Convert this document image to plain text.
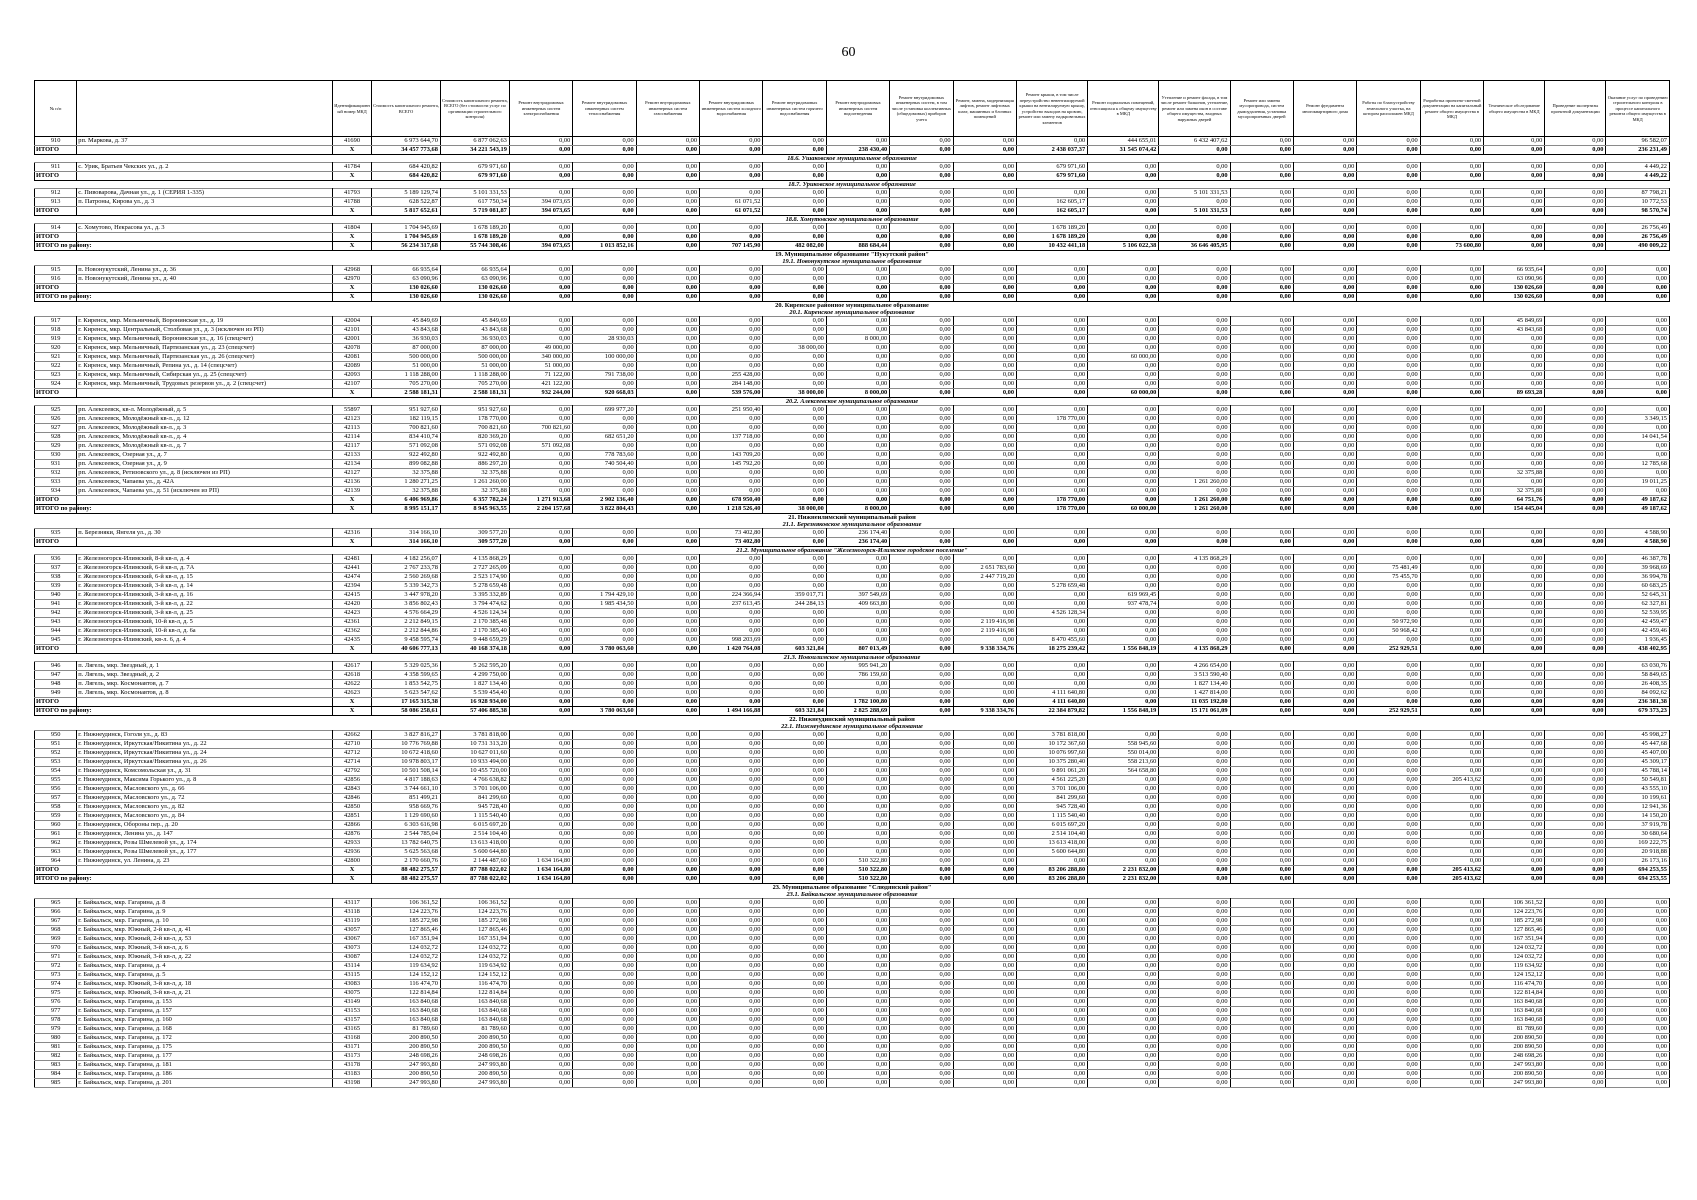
60
№ п/п		Идентификационный номер МКД	Стоимость капитального ремонта, ВСЕГО	Стоимость капитального ремонта, ВСЕГО (без стоимости услуг по организации строительного контроля)	Ремонт внутридомовых инженерных систем электроснабжения	Ремонт внутридомовых инженерных систем теплоснабжения	Ремонт внутридомовых инженерных систем газоснабжения	Ремонт внутридомовых инженерных систем холодного водоснабжения	Ремонт внутридомовых инженерных систем горячего водоснабжения	Ремонт внутридомовых инженерных систем водоотведения	Ремонт внутридомовых инженерных систем, в том числе установка коллективных (общедомовых) приборов учета	Ремонт, замена, модернизация лифтов, ремонт лифтовых шахт, машинных и блочных помещений	Ремонт крыши, в том числе переустройство невентилируемой крыши на вентилируемую крышу, устройство выходов на кровлю, ремонт или замену надкровельных элементов	Ремонт подвальных помещений, относящихся к общему имуществу в МКД	Утепление и ремонт фасада, в том числе ремонт балконов, утепление, ремонт или замена окон в составе общего имущества, входных наружных дверей	Ремонт или замена мусоропровода, систем дымоудаления, установка мусороприемных дверей	Ремонт фундамента многоквартирного дома	Работы по благоустройству земельного участка, на котором расположен МКД	Разработка проектно-сметной документации на капитальный ремонт общего имущества в МКД	Техническое обследование общего имущества в МКД	Проведение экспертизы проектной документации	Оказание услуг по проведению строительного контроля в процессе капитального ремонта общего имущества в МКД
910	рп. Маркова, д. 37	41690	6 973 644,70	6 877 062,63	0,00	0,00	0,00	0,00	0,00	0,00	0,00	0,00	0,00	444 655,01	6 432 407,62	0,00	0,00	0,00	0,00	0,00	0,00	96 582,07
ИТОГО		X	34 457 773,68	34 221 543,19	0,00	0,00	0,00	0,00	0,00	238 430,40	0,00	0,00	2 438 037,37	31 545 074,42	0,00	0,00	0,00	0,00	0,00	0,00	0,00	236 231,49
18.6. Ушаковское муниципальное образование																						
911	с. Урик, Братьев Чекских ул., д. 2	41784	684 420,82	679 971,60	0,00	0,00	0,00	0,00	0,00	0,00	0,00	0,00	679 971,60	0,00	0,00	0,00	0,00	0,00	0,00	0,00	0,00	4 449,22
ИТОГО		X	684 420,82	679 971,60	0,00	0,00	0,00	0,00	0,00	0,00	0,00	0,00	679 971,60	0,00	0,00	0,00	0,00	0,00	0,00	0,00	0,00	4 449,22
18.7. Уриковское муниципальное образование																						
912	с. Пивоварова, Дачная ул., д. 1 (СЕРИЯ 1-335)	41793	5 189 129,74	5 101 331,53	0,00	0,00	0,00	0,00	0,00	0,00	0,00	0,00	0,00	0,00	5 101 331,53	0,00	0,00	0,00	0,00	0,00	0,00	87 798,21
913	п. Патроны, Кирова ул., д. 3	41788	628 522,87	617 750,34	394 073,65	0,00	0,00	61 071,52	0,00	0,00	0,00	0,00	162 605,17	0,00	0,00	0,00	0,00	0,00	0,00	0,00	0,00	10 772,53
ИТОГО		X	5 817 652,61	5 719 081,87	394 073,65	0,00	0,00	61 071,52	0,00	0,00	0,00	0,00	162 605,17	0,00	5 101 331,53	0,00	0,00	0,00	0,00	0,00	0,00	98 570,74
18.8. Хомутовское муниципальное образование																						
914	с. Хомутово, Некрасова ул., д. 3	41804	1 704 945,69	1 678 189,20	0,00	0,00	0,00	0,00	0,00	0,00	0,00	0,00	1 678 189,20	0,00	0,00	0,00	0,00	0,00	0,00	0,00	0,00	26 756,49
ИТОГО		X	1 704 945,69	1 678 189,20	0,00	0,00	0,00	0,00	0,00	0,00	0,00	0,00	1 678 189,20	0,00	0,00	0,00	0,00	0,00	0,00	0,00	0,00	26 756,49
ИТОГО по району:		X	56 234 317,68	55 744 308,46	394 073,65	1 013 852,16	0,00	707 145,90	482 082,00	888 684,44	0,00	0,00	10 432 441,18	5 106 022,38	36 646 405,95	0,00	0,00	0,00	73 600,80	0,00	0,00	490 009,22
19. Муниципальное образование "Нукутский район"																						
19.1. Новонукутское муниципальное образование																						
915	п. Новонукутский, Ленина ул., д. 36	42968	66 935,64	66 935,64	0,00	0,00	0,00	0,00	0,00	0,00	0,00	0,00	0,00	0,00	0,00	0,00	0,00	0,00	0,00	66 935,64	0,00	0,00
916	п. Новонукутский, Ленина ул., д. 40	42970	63 090,96	63 090,96	0,00	0,00	0,00	0,00	0,00	0,00	0,00	0,00	0,00	0,00	0,00	0,00	0,00	0,00	0,00	63 090,96	0,00	0,00
ИТОГО		X	130 026,60	130 026,60	0,00	0,00	0,00	0,00	0,00	0,00	0,00	0,00	0,00	0,00	0,00	0,00	0,00	0,00	0,00	130 026,60	0,00	0,00
ИТОГО по району:		X	130 026,60	130 026,60	0,00	0,00	0,00	0,00	0,00	0,00	0,00	0,00	0,00	0,00	0,00	0,00	0,00	0,00	0,00	130 026,60	0,00	0,00
20. Киренское районное муниципальное образование																						
20.1. Киренское муниципальное образование																						
917	г. Киренск, мкр. Мельничный, Воронинская ул., д. 19	42004	45 849,69	45 849,69	0,00	0,00	0,00	0,00	0,00	0,00	0,00	0,00	0,00	0,00	0,00	0,00	0,00	0,00	0,00	45 849,69	0,00	0,00
918	г. Киренск, мкр. Центральный, Столбовая ул., д. 3 (исключен из РП)	42101	43 843,68	43 843,68	0,00	0,00	0,00	0,00	0,00	0,00	0,00	0,00	0,00	0,00	0,00	0,00	0,00	0,00	0,00	43 843,68	0,00	0,00
919	г. Киренск, мкр. Мельничный, Воронинская ул., д. 16 (спецсчет)	42001	36 930,03	36 930,03	0,00	28 930,03	0,00	0,00	0,00	8 000,00	0,00	0,00	0,00	0,00	0,00	0,00	0,00	0,00	0,00	0,00	0,00	0,00
920	г. Киренск, мкр. Мельничный, Партизанская ул., д. 23 (спецсчет)	42078	87 000,00	87 000,00	49 000,00	0,00	0,00	0,00	38 000,00	0,00	0,00	0,00	0,00	0,00	0,00	0,00	0,00	0,00	0,00	0,00	0,00	0,00
921	г. Киренск, мкр. Мельничный, Партизанская ул., д. 26 (спецсчет)	42081	500 000,00	500 000,00	340 000,00	100 000,00	0,00	0,00	0,00	0,00	0,00	0,00	0,00	60 000,00	0,00	0,00	0,00	0,00	0,00	0,00	0,00	0,00
922	г. Киренск, мкр. Мельничный, Репина ул., д. 14 (спецсчет)	42089	51 000,00	51 000,00	51 000,00	0,00	0,00	0,00	0,00	0,00	0,00	0,00	0,00	0,00	0,00	0,00	0,00	0,00	0,00	0,00	0,00	0,00
923	г. Киренск, мкр. Мельничный, Сибирская ул., д. 25 (спецсчет)	42093	1 118 288,00	1 118 288,00	71 122,00	791 738,00	0,00	255 428,00	0,00	0,00	0,00	0,00	0,00	0,00	0,00	0,00	0,00	0,00	0,00	0,00	0,00	0,00
924	г. Киренск, мкр. Мельничный, Трудовых резервов ул., д. 2 (спецсчет)	42107	705 270,00	705 270,00	421 122,00	0,00	0,00	284 148,00	0,00	0,00	0,00	0,00	0,00	0,00	0,00	0,00	0,00	0,00	0,00	0,00	0,00	0,00
ИТОГО		X	2 588 181,31	2 588 181,31	932 244,00	920 668,03	0,00	539 576,00	38 000,00	8 000,00	0,00	0,00	0,00	60 000,00	0,00	0,00	0,00	0,00	0,00	89 693,28	0,00	0,00
20.2. Алексеевское муниципальное образование																						
925	рп. Алексеевск, кв-л. Молодёжный, д. 5	55897	951 927,60	951 927,60	0,00	699 977,20	0,00	251 950,40	0,00	0,00	0,00	0,00	0,00	0,00	0,00	0,00	0,00	0,00	0,00	0,00	0,00	0,00
926	рп. Алексеевск, Молодёжный кв-л., д. 12	42123	182 119,15	178 770,00	0,00	0,00	0,00	0,00	0,00	0,00	0,00	0,00	178 770,00	0,00	0,00	0,00	0,00	0,00	0,00	0,00	0,00	3 349,15
927	рп. Алексеевск, Молодёжный кв-л., д. 3	42113	700 821,60	700 821,60	700 821,60	0,00	0,00	0,00	0,00	0,00	0,00	0,00	0,00	0,00	0,00	0,00	0,00	0,00	0,00	0,00	0,00	0,00
928	рп. Алексеевск, Молодёжный кв-л., д. 4	42114	834 410,74	820 369,20	0,00	682 651,20	0,00	137 718,00	0,00	0,00	0,00	0,00	0,00	0,00	0,00	0,00	0,00	0,00	0,00	0,00	0,00	14 041,54
929	рп. Алексеевск, Молодёжный кв-л., д. 7	42117	571 092,08	571 092,08	571 092,08	0,00	0,00	0,00	0,00	0,00	0,00	0,00	0,00	0,00	0,00	0,00	0,00	0,00	0,00	0,00	0,00	0,00
930	рп. Алексеевск, Озерная ул., д. 7	42133	922 492,80	922 492,80	0,00	778 783,60	0,00	143 709,20	0,00	0,00	0,00	0,00	0,00	0,00	0,00	0,00	0,00	0,00	0,00	0,00	0,00	0,00
931	рп. Алексеевск, Озерная ул., д. 9	42134	899 082,88	886 297,20	0,00	740 504,40	0,00	145 792,20	0,00	0,00	0,00	0,00	0,00	0,00	0,00	0,00	0,00	0,00	0,00	0,00	0,00	12 785,68
932	рп. Алексеевск, Ретизовского ул., д. 8 (исключен из РП)	42127	32 375,88	32 375,88	0,00	0,00	0,00	0,00	0,00	0,00	0,00	0,00	0,00	0,00	0,00	0,00	0,00	0,00	0,00	32 375,88	0,00	0,00
933	рп. Алексеевск, Чапаева ул., д. 42А	42136	1 280 271,25	1 261 260,00	0,00	0,00	0,00	0,00	0,00	0,00	0,00	0,00	0,00	0,00	1 261 260,00	0,00	0,00	0,00	0,00	0,00	0,00	19 011,25
934	рп. Алексеевск, Чапаева ул., д. 51 (исключен из РП)	42139	32 375,88	32 375,88	0,00	0,00	0,00	0,00	0,00	0,00	0,00	0,00	0,00	0,00	0,00	0,00	0,00	0,00	0,00	32 375,88	0,00	0,00
ИТОГО		X	6 406 969,86	6 357 782,24	1 271 913,68	2 902 136,40	0,00	678 950,40	0,00	0,00	0,00	0,00	178 770,00	0,00	1 261 260,00	0,00	0,00	0,00	0,00	64 751,76	0,00	49 187,62
ИТОГО по району:		X	8 995 151,17	8 945 963,55	2 204 157,68	3 822 804,43	0,00	1 218 526,40	38 000,00	8 000,00	0,00	0,00	178 770,00	60 000,00	1 261 260,00	0,00	0,00	0,00	0,00	154 445,04	0,00	49 187,62
21. Нижнеилимский муниципальный район																						
21.1. Березняковское муниципальное образование																						
935	п. Березняки, Янгеля ул., д. 30	42316	314 166,10	309 577,20	0,00	0,00	0,00	73 402,80	0,00	236 174,40	0,00	0,00	0,00	0,00	0,00	0,00	0,00	0,00	0,00	0,00	0,00	4 588,90
ИТОГО		X	314 166,10	309 577,20	0,00	0,00	0,00	73 402,80	0,00	236 174,40	0,00	0,00	0,00	0,00	0,00	0,00	0,00	0,00	0,00	0,00	0,00	4 588,90
21.2. Муниципальное образование "Железногорск-Илимское городское поселение"																						
936	г. Железногорск-Илимский, 8-й кв-л, д. 4	42481	4 182 256,07	4 135 868,29	0,00	0,00	0,00	0,00	0,00	0,00	0,00	0,00	0,00	0,00	4 135 868,29	0,00	0,00	0,00	0,00	0,00	0,00	46 387,78
937	г. Железногорск-Илимский, 6-й кв-л, д. 7А	42441	2 767 233,78	2 727 265,09	0,00	0,00	0,00	0,00	0,00	0,00	0,00	2 651 783,60	0,00	0,00	0,00	0,00	0,00	75 481,49	0,00	0,00	0,00	39 968,69
938	г. Железногорск-Илимский, 6-й кв-л, д. 15	42474	2 560 269,68	2 523 174,90	0,00	0,00	0,00	0,00	0,00	0,00	0,00	2 447 719,20	0,00	0,00	0,00	0,00	0,00	75 455,70	0,00	0,00	0,00	36 994,78
939	г. Железногорск-Илимский, 3-й кв-л, д. 14	42394	5 339 342,73	5 278 659,48	0,00	0,00	0,00	0,00	0,00	0,00	0,00	0,00	5 278 659,48	0,00	0,00	0,00	0,00	0,00	0,00	0,00	0,00	60 683,25
940	г. Железногорск-Илимский, 3-й кв-л, д. 16	42415	3 447 978,20	3 395 332,89	0,00	1 794 429,10	0,00	224 366,94	359 017,71	397 549,69	0,00	0,00	0,00	619 969,45	0,00	0,00	0,00	0,00	0,00	0,00	0,00	52 645,31
941	г. Железногорск-Илимский, 3-й кв-л, д. 22	42420	3 856 802,43	3 794 474,62	0,00	1 985 434,50	0,00	237 613,45	244 284,13	409 663,80	0,00	0,00	0,00	937 478,74	0,00	0,00	0,00	0,00	0,00	0,00	0,00	62 327,81
942	г. Железногорск-Илимский, 3-й кв-л, д. 25	42423	4 576 664,29	4 526 124,34	0,00	0,00	0,00	0,00	0,00	0,00	0,00	0,00	4 526 128,34	0,00	0,00	0,00	0,00	0,00	0,00	0,00	0,00	52 539,95
943	г. Железногорск-Илимский, 10-й кв-л, д. 5	42361	2 212 849,15	2 170 385,48	0,00	0,00	0,00	0,00	0,00	0,00	0,00	2 119 416,98	0,00	0,00	0,00	0,00	0,00	50 972,90	0,00	0,00	0,00	42 459,47
944	г. Железногорск-Илимский, 10-й кв-л, д. 6а	42362	2 212 844,86	2 170 385,40	0,00	0,00	0,00	0,00	0,00	0,00	0,00	2 119 416,98	0,00	0,00	0,00	0,00	0,00	50 968,42	0,00	0,00	0,00	42 459,46
945	г. Железногорск-Илимский, кв-л. 6, д. 4	42435	9 458 595,74	9 448 659,29	0,00	0,00	0,00	998 203,69	0,00	0,00	0,00	0,00	8 470 455,60	0,00	0,00	0,00	0,00	0,00	0,00	0,00	0,00	1 936,45
ИТОГО		X	40 606 777,13	40 168 374,18	0,00	3 780 063,60	0,00	1 420 764,08	603 321,84	807 013,49	0,00	9 338 334,76	18 275 239,42	1 556 848,19	4 135 868,29	0,00	0,00	252 929,51	0,00	0,00	0,00	438 402,95
21.3. Новоилимское муниципальное образование																						
946	п. Лягель, мкр. Звездный, д. 1	42617	5 329 025,36	5 262 595,20	0,00	0,00	0,00	0,00	0,00	995 941,20	0,00	0,00	0,00	0,00	4 266 654,00	0,00	0,00	0,00	0,00	0,00	0,00	63 030,76
947	п. Лягель, мкр. Звездный, д. 2	42618	4 358 599,65	4 299 750,00	0,00	0,00	0,00	0,00	0,00	786 159,60	0,00	0,00	0,00	0,00	3 513 590,40	0,00	0,00	0,00	0,00	0,00	0,00	58 849,65
948	п. Лягель, мкр. Космонавтов, д. 7	42622	1 853 542,75	1 827 134,40	0,00	0,00	0,00	0,00	0,00	0,00	0,00	0,00	0,00	0,00	1 827 134,40	0,00	0,00	0,00	0,00	0,00	0,00	26 408,35
949	п. Лягель, мкр. Космонавтов, д. 8	42623	5 623 547,62	5 539 454,40	0,00	0,00	0,00	0,00	0,00	0,00	0,00	0,00	4 111 640,80	0,00	1 427 814,00	0,00	0,00	0,00	0,00	0,00	0,00	84 092,62
ИТОГО		X	17 165 315,38	16 928 934,00	0,00	0,00	0,00	0,00	0,00	1 782 100,80	0,00	0,00	4 111 640,80	0,00	11 035 192,80	0,00	0,00	0,00	0,00	0,00	0,00	236 381,38
ИТОГО по району:		X	58 086 258,61	57 406 885,38	0,00	3 780 063,60	0,00	1 494 166,88	603 321,84	2 825 288,69	0,00	9 338 334,76	22 384 879,82	1 556 848,19	15 171 061,09	0,00	0,00	252 929,51	0,00	0,00	0,00	679 373,23
22. Нижнеудинский муниципальный район																						
22.1. Нижнеудинское муниципальное образование																						
950	г. Нижнеудинск, Гоголя ул., д. 83	42662	3 827 816,27	3 781 818,00	0,00	0,00	0,00	0,00	0,00	0,00	0,00	0,00	3 781 818,00	0,00	0,00	0,00	0,00	0,00	0,00	0,00	0,00	45 998,27
951	г. Нижнеудинск, Иркутская/Никитина ул., д. 22	42710	10 776 769,88	10 731 313,20	0,00	0,00	0,00	0,00	0,00	0,00	0,00	0,00	10 172 367,60	558 945,60	0,00	0,00	0,00	0,00	0,00	0,00	0,00	45 447,68
952	г. Нижнеудинск, Иркутская/Никитина ул., д. 24	42712	10 672 418,60	10 627 011,60	0,00	0,00	0,00	0,00	0,00	0,00	0,00	0,00	10 076 997,60	550 014,00	0,00	0,00	0,00	0,00	0,00	0,00	0,00	45 407,00
953	г. Нижнеудинск, Иркутская/Никитина ул., д. 26	42714	10 978 803,17	10 933 494,00	0,00	0,00	0,00	0,00	0,00	0,00	0,00	0,00	10 375 280,40	558 213,60	0,00	0,00	0,00	0,00	0,00	0,00	0,00	45 309,17
954	г. Нижнеудинск, Комсомольская ул., д. 31	42792	10 501 508,14	10 455 720,00	0,00	0,00	0,00	0,00	0,00	0,00	0,00	0,00	9 891 061,20	564 658,80	0,00	0,00	0,00	0,00	0,00	0,00	0,00	45 788,14
955	г. Нижнеудинск, Максима Горького ул., д. 8	42856	4 817 188,63	4 766 638,82	0,00	0,00	0,00	0,00	0,00	0,00	0,00	0,00	4 561 225,20	0,00	0,00	0,00	0,00	0,00	205 413,62	0,00	0,00	50 549,81
956	г. Нижнеудинск, Масловского ул., д. 66	42843	3 744 661,10	3 701 106,00	0,00	0,00	0,00	0,00	0,00	0,00	0,00	0,00	3 701 106,00	0,00	0,00	0,00	0,00	0,00	0,00	0,00	0,00	43 555,10
957	г. Нижнеудинск, Масловского ул., д. 72	42846	851 499,21	841 299,60	0,00	0,00	0,00	0,00	0,00	0,00	0,00	0,00	841 299,60	0,00	0,00	0,00	0,00	0,00	0,00	0,00	0,00	10 199,61
958	г. Нижнеудинск, Масловского ул., д. 82	42850	958 669,76	945 728,40	0,00	0,00	0,00	0,00	0,00	0,00	0,00	0,00	945 728,40	0,00	0,00	0,00	0,00	0,00	0,00	0,00	0,00	12 941,36
959	г. Нижнеудинск, Масловского ул., д. 84	42851	1 129 690,60	1 115 540,40	0,00	0,00	0,00	0,00	0,00	0,00	0,00	0,00	1 115 540,40	0,00	0,00	0,00	0,00	0,00	0,00	0,00	0,00	14 150,20
960	г. Нижнеудинск, Обороны пер., д. 20	42866	6 303 616,98	6 015 697,20	0,00	0,00	0,00	0,00	0,00	0,00	0,00	0,00	6 015 697,20	0,00	0,00	0,00	0,00	0,00	0,00	0,00	0,00	37 919,78
961	г. Нижнеудинск, Ленина ул., д. 147	42876	2 544 785,04	2 514 104,40	0,00	0,00	0,00	0,00	0,00	0,00	0,00	0,00	2 514 104,40	0,00	0,00	0,00	0,00	0,00	0,00	0,00	0,00	30 680,64
962	г. Нижнеудинск, Розы Шмелевой ул., д. 174	42933	13 782 640,75	13 613 418,00	0,00	0,00	0,00	0,00	0,00	0,00	0,00	0,00	13 613 418,00	0,00	0,00	0,00	0,00	0,00	0,00	0,00	0,00	169 222,75
963	г. Нижнеудинск, Розы Шмелевой ул., д. 177	42936	5 625 563,68	5 600 644,80	0,00	0,00	0,00	0,00	0,00	0,00	0,00	0,00	5 600 644,80	0,00	0,00	0,00	0,00	0,00	0,00	0,00	0,00	20 918,88
964	г. Нижнеудинск, ул. Ленина, д. 23	42800	2 170 660,76	2 144 487,60	1 634 164,80	0,00	0,00	0,00	0,00	510 322,80	0,00	0,00	0,00	0,00	0,00	0,00	0,00	0,00	0,00	0,00	0,00	26 173,16
ИТОГО		X	88 482 275,57	87 788 022,02	1 634 164,80	0,00	0,00	0,00	0,00	510 322,80	0,00	0,00	83 206 288,80	2 231 832,00	0,00	0,00	0,00	0,00	205 413,62	0,00	0,00	694 253,55
ИТОГО по району:		X	88 482 275,57	87 788 022,02	1 634 164,80	0,00	0,00	0,00	0,00	510 322,80	0,00	0,00	83 206 288,80	2 231 832,00	0,00	0,00	0,00	0,00	205 413,62	0,00	0,00	694 253,55
23. Муниципальное образование "Слюдянский район"																						
23.1. Байкальское муниципальное образование																						
965	г. Байкальск, мкр. Гагарина, д. 8	43117	106 361,52	106 361,52	0,00	0,00	0,00	0,00	0,00	0,00	0,00	0,00	0,00	0,00	0,00	0,00	0,00	0,00	0,00	106 361,52	0,00	0,00
966	г. Байкальск, мкр. Гагарина, д. 9	43118	124 223,76	124 223,76	0,00	0,00	0,00	0,00	0,00	0,00	0,00	0,00	0,00	0,00	0,00	0,00	0,00	0,00	0,00	124 223,76	0,00	0,00
967	г. Байкальск, мкр. Гагарина, д. 10	43119	185 272,98	185 272,98	0,00	0,00	0,00	0,00	0,00	0,00	0,00	0,00	0,00	0,00	0,00	0,00	0,00	0,00	0,00	185 272,98	0,00	0,00
968	г. Байкальск, мкр. Южный, 2-й кв-л, д. 41	43057	127 865,46	127 865,46	0,00	0,00	0,00	0,00	0,00	0,00	0,00	0,00	0,00	0,00	0,00	0,00	0,00	0,00	0,00	127 865,46	0,00	0,00
969	г. Байкальск, мкр. Южный, 2-й кв-л, д. 53	43067	167 351,94	167 351,94	0,00	0,00	0,00	0,00	0,00	0,00	0,00	0,00	0,00	0,00	0,00	0,00	0,00	0,00	0,00	167 351,94	0,00	0,00
970	г. Байкальск, мкр. Южный, 3-й кв-л, д. 6	43073	124 032,72	124 032,72	0,00	0,00	0,00	0,00	0,00	0,00	0,00	0,00	0,00	0,00	0,00	0,00	0,00	0,00	0,00	124 032,72	0,00	0,00
971	г. Байкальск, мкр. Южный, 3-й кв-л, д. 22	43087	124 032,72	124 032,72	0,00	0,00	0,00	0,00	0,00	0,00	0,00	0,00	0,00	0,00	0,00	0,00	0,00	0,00	0,00	124 032,72	0,00	0,00
972	г. Байкальск, мкр. Гагарина, д. 4	43114	119 634,92	119 634,92	0,00	0,00	0,00	0,00	0,00	0,00	0,00	0,00	0,00	0,00	0,00	0,00	0,00	0,00	0,00	119 634,92	0,00	0,00
973	г. Байкальск, мкр. Гагарина, д. 5	43115	124 152,12	124 152,12	0,00	0,00	0,00	0,00	0,00	0,00	0,00	0,00	0,00	0,00	0,00	0,00	0,00	0,00	0,00	124 152,12	0,00	0,00
974	г. Байкальск, мкр. Южный, 3-й кв-л, д. 18	43083	116 474,70	116 474,70	0,00	0,00	0,00	0,00	0,00	0,00	0,00	0,00	0,00	0,00	0,00	0,00	0,00	0,00	0,00	116 474,70	0,00	0,00
975	г. Байкальск, мкр. Южный, 3-й кв-л, д. 21	43075	122 814,84	122 814,84	0,00	0,00	0,00	0,00	0,00	0,00	0,00	0,00	0,00	0,00	0,00	0,00	0,00	0,00	0,00	122 814,84	0,00	0,00
976	г. Байкальск, мкр. Гагарина, д. 153	43149	163 840,68	163 840,68	0,00	0,00	0,00	0,00	0,00	0,00	0,00	0,00	0,00	0,00	0,00	0,00	0,00	0,00	0,00	163 840,68	0,00	0,00
977	г. Байкальск, мкр. Гагарина, д. 157	43153	163 840,68	163 840,68	0,00	0,00	0,00	0,00	0,00	0,00	0,00	0,00	0,00	0,00	0,00	0,00	0,00	0,00	0,00	163 840,68	0,00	0,00
978	г. Байкальск, мкр. Гагарина, д. 160	43157	163 840,68	163 840,68	0,00	0,00	0,00	0,00	0,00	0,00	0,00	0,00	0,00	0,00	0,00	0,00	0,00	0,00	0,00	163 840,68	0,00	0,00
979	г. Байкальск, мкр. Гагарина, д. 168	43165	81 789,60	81 789,60	0,00	0,00	0,00	0,00	0,00	0,00	0,00	0,00	0,00	0,00	0,00	0,00	0,00	0,00	0,00	81 789,60	0,00	0,00
980	г. Байкальск, мкр. Гагарина, д. 172	43168	200 890,50	200 890,50	0,00	0,00	0,00	0,00	0,00	0,00	0,00	0,00	0,00	0,00	0,00	0,00	0,00	0,00	0,00	200 890,50	0,00	0,00
981	г. Байкальск, мкр. Гагарина, д. 175	43171	200 890,50	200 890,50	0,00	0,00	0,00	0,00	0,00	0,00	0,00	0,00	0,00	0,00	0,00	0,00	0,00	0,00	0,00	200 890,50	0,00	0,00
982	г. Байкальск, мкр. Гагарина, д. 177	43173	248 698,26	248 698,26	0,00	0,00	0,00	0,00	0,00	0,00	0,00	0,00	0,00	0,00	0,00	0,00	0,00	0,00	0,00	248 698,26	0,00	0,00
983	г. Байкальск, мкр. Гагарина, д. 181	43178	247 993,80	247 993,80	0,00	0,00	0,00	0,00	0,00	0,00	0,00	0,00	0,00	0,00	0,00	0,00	0,00	0,00	0,00	247 993,80	0,00	0,00
984	г. Байкальск, мкр. Гагарина, д. 186	43183	200 890,50	200 890,50	0,00	0,00	0,00	0,00	0,00	0,00	0,00	0,00	0,00	0,00	0,00	0,00	0,00	0,00	0,00	200 890,50	0,00	0,00
985	г. Байкальск, мкр. Гагарина, д. 201	43198	247 993,80	247 993,80	0,00	0,00	0,00	0,00	0,00	0,00	0,00	0,00	0,00	0,00	0,00	0,00	0,00	0,00	0,00	247 993,80	0,00	0,00
